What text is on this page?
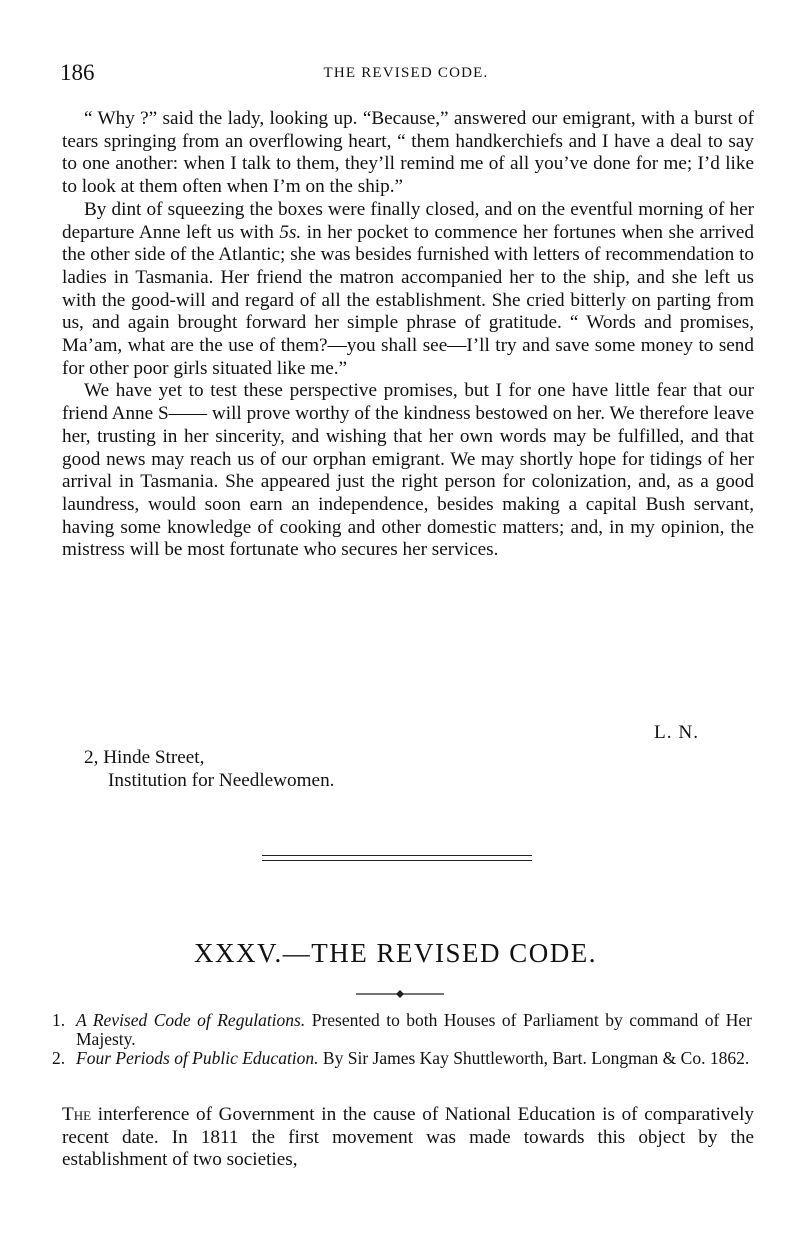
186	THE REVISED CODE.

“ Why ?” said the lady, looking up. “Because,” answered our emigrant, with a burst of tears springing from an overflowing heart, “ them handkerchiefs and I have a deal to say to one another: when I talk to them, they’ll remind me of all you’ve done for me; I’d like to look at them often when I’m on the ship.”

By dint of squeezing the boxes were finally closed, and on the eventful morning of her departure Anne left us with 5s. in her pocket to commence her fortunes when she arrived the other side of the Atlantic; she was besides furnished with letters of recommendation to ladies in Tasmania. Her friend the matron accompanied her to the ship, and she left us with the good-will and regard of all the establishment. She cried bitterly on parting from us, and again brought forward her simple phrase of gratitude. “ Words and promises, Ma’am, what are the use of them?—you shall see—I’ll try and save some money to send for other poor girls situated like me.”

We have yet to test these perspective promises, but I for one have little fear that our friend Anne S—— will prove worthy of the kindness bestowed on her. We therefore leave her, trusting in her sincerity, and wishing that her own words may be fulfilled, and that good news may reach us of our orphan emigrant. We may shortly hope for tidings of her arrival in Tasmania. She appeared just the right person for colonization, and, as a good laundress, would soon earn an independence, besides making a capital Bush servant, having some knowledge of cooking and other domestic matters; and, in my opinion, the mistress will be most fortunate who secures her services.

L. N.
2, Hinde Street,
Institution for Needlewomen.
XXXV.—THE REVISED CODE.
1. A Revised Code of Regulations. Presented to both Houses of Parliament by command of Her Majesty.
2. Four Periods of Public Education. By Sir James Kay Shuttleworth, Bart. Longman & Co. 1862.

The interference of Government in the cause of National Education is of comparatively recent date. In 1811 the first movement was made towards this object by the establishment of two societies,
